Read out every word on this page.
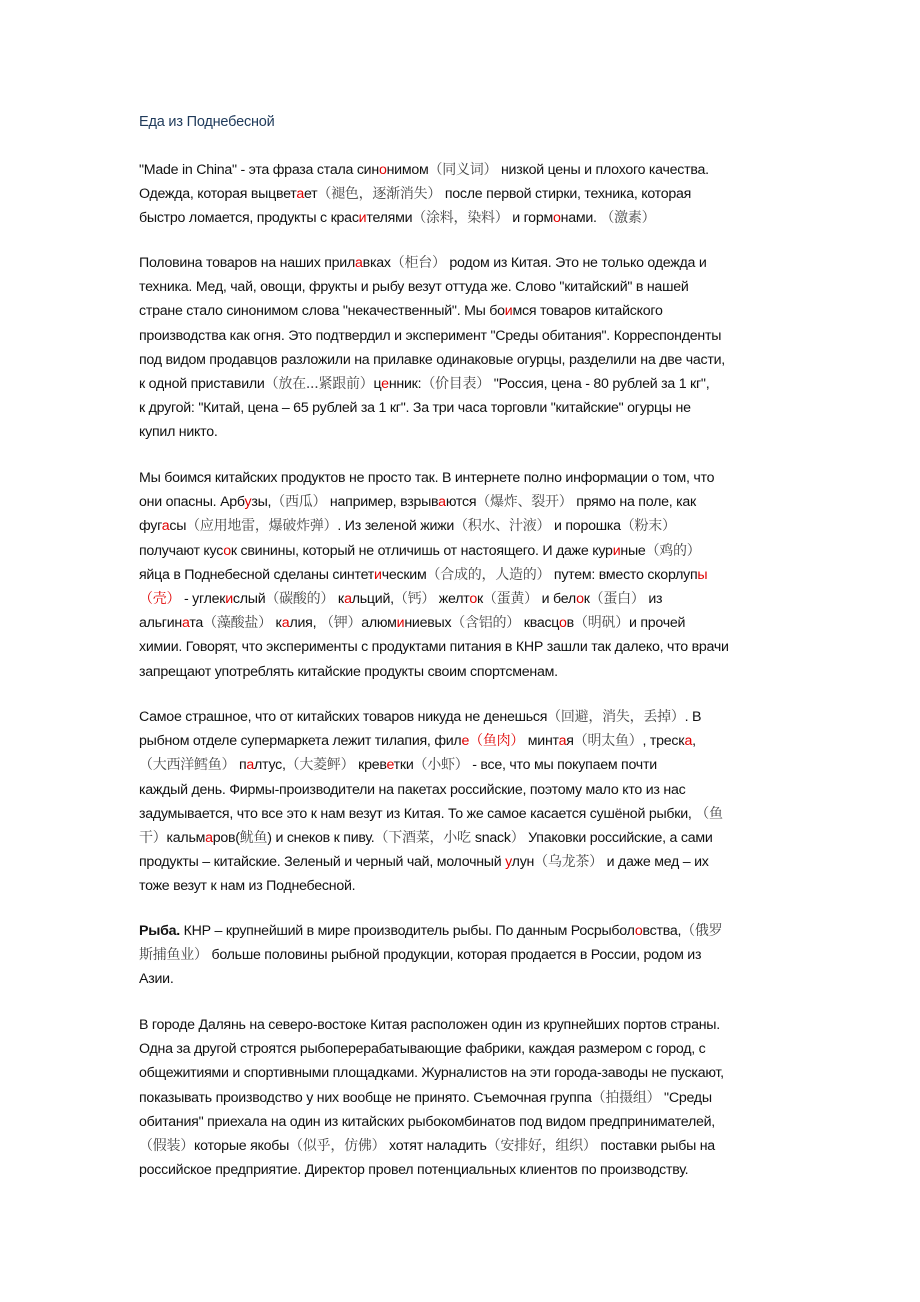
Еда из Поднебесной
"Made in China" - эта фраза стала синонимом（同义词） низкой цены и плохого качества.
Одежда, которая выцветает（褪色，逐渐消失） после первой стирки, техника, которая
быстро ломается, продукты с красителями（涂料，染料） и гормонами. （激素）
Половина товаров на наших прилавках（柜台） родом из Китая. Это не только одежда и
техника. Мед, чай, овощи, фрукты и рыбу везут оттуда же. Слово "китайский" в нашей
стране стало синонимом слова "некачественный". Мы боимся товаров китайского
производства как огня. Это подтвердил и эксперимент "Среды обитания". Корреспонденты
под видом продавцов разложили на прилавке одинаковые огурцы, разделили на две части,
к одной приставили（放在...紧跟前）ценник:（价目表） "Россия, цена - 80 рублей за 1 кг",
к другой: "Китай, цена – 65 рублей за 1 кг". За три часа торговли "китайские" огурцы не
купил никто.
Мы боимся китайских продуктов не просто так. В интернете полно информации о том, что
они опасны. Арбузы,（西瓜） например, взрываются（爆炸、裂开） прямо на поле, как
фугасы（应用地雷，爆破炸弹）. Из зеленой жижи（积水、汁液） и порошка（粉末）
получают кусок свинины, который не отличишь от настоящего. И даже куриные（鸡的）
яйца в Поднебесной сделаны синтетическим（合成的，人造的） путем: вместо скорлупы
（壳） - углекислый（碳酸的） кальций,（钙） желток（蛋黄） и белок（蛋白） из
альгината（藻酸盐） калия, （钾）алюминиевых（含铝的） квасцов（明矾）и прочей
химии. Говорят, что эксперименты с продуктами питания в КНР зашли так далеко, что врачи
запрещают употреблять китайские продукты своим спортсменам.
Самое страшное, что от китайских товаров никуда не денешься（回避，消失，丢掉）. В
рыбном отделе супермаркета лежит тилапия, филе（鱼肉） минтая（明太鱼）, треска,
（大西洋鳕鱼） палтус,（大菱鲆） креветки（小虾） - все, что мы покупаем почти
каждый день. Фирмы-производители на пакетах российские, поэтому мало кто из нас
задумывается, что все это к нам везут из Китая. То же самое касается сушёной рыбки, （鱼
干）кальмаров(鱿鱼) и снеков к пиву.（下酒菜，小吃 snack） Упаковки российские, а сами
продукты – китайские. Зеленый и черный чай, молочный улун（乌龙茶） и даже мед – их
тоже везут к нам из Поднебесной.
Рыба. КНР – крупнейший в мире производитель рыбы. По данным Росрыболовства,（俄罗
斯捕鱼业） больше половины рыбной продукции, которая продается в России, родом из
Азии.
В городе Далянь на северо-востоке Китая расположен один из крупнейших портов страны.
Одна за другой строятся рыбоперерабатывающие фабрики, каждая размером с город, с
общежитиями и спортивными площадками. Журналистов на эти города-заводы не пускают,
показывать производство у них вообще не принято. Съемочная группа（拍摄组） "Среды
обитания" приехала на один из китайских рыбокомбинатов под видом предпринимателей,
（假装）которые якобы（似乎，仿佛） хотят наладить（安排好，组织） поставки рыбы на
российское предприятие. Директор провел потенциальных клиентов по производству.
